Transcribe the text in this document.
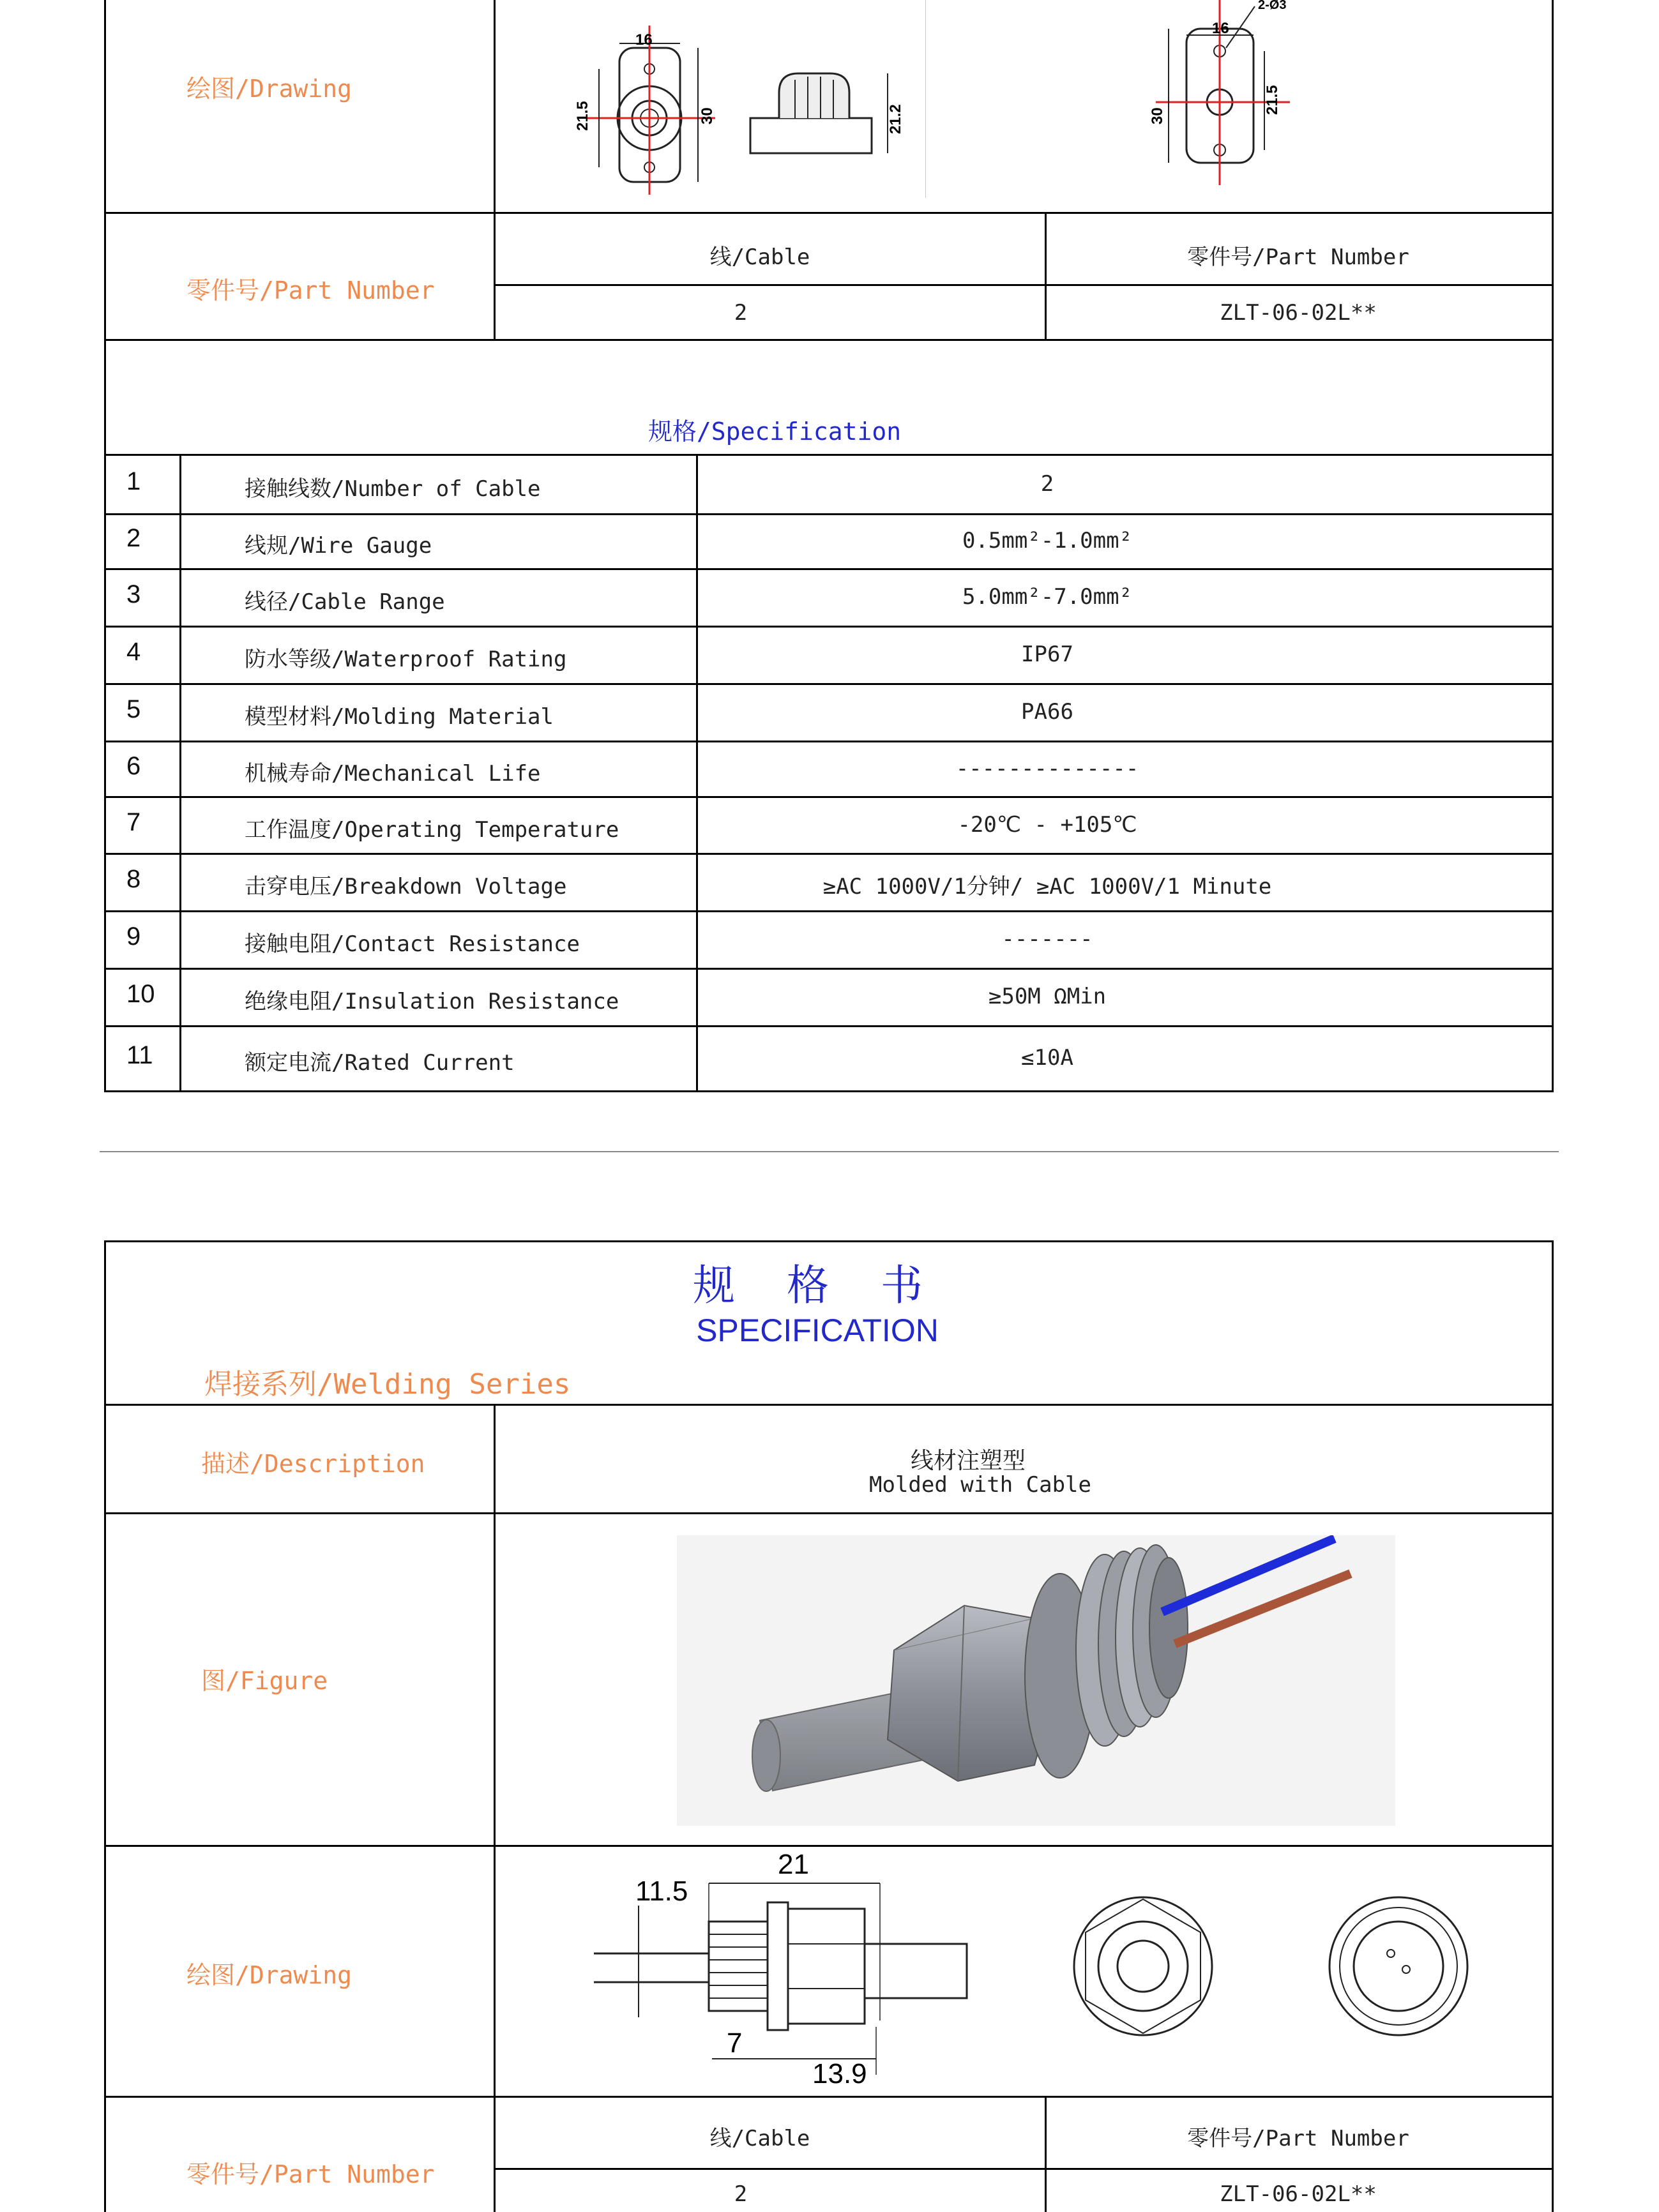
绘图/Drawing
16
21.5	30	21.2
16
2-Ø3
30
21.5
零件号/Part Number
线/Cable	零件号/Part Number
2	ZLT-06-02L**
规格/Specification
1	接触线数/Number of Cable	2
2	线规/Wire Gauge	0.5mm²-1.0mm²
3	线径/Cable Range	5.0mm²-7.0mm²
4	防水等级/Waterproof Rating	IP67
5	模型材料/Molding Material	PA66
6	机械寿命/Mechanical Life	--------------
7	工作温度/Operating Temperature	-20℃ - +105℃
8	击穿电压/Breakdown Voltage	≥AC 1000V/1分钟/ ≥AC 1000V/1 Minute
9	接触电阻/Contact Resistance	-------
10	绝缘电阻/Insulation Resistance	≥50M ΩMin
11	额定电流/Rated Current	≤10A
规 格 书
SPECIFICATION
焊接系列/Welding Series
描述/Description	线材注塑型
Molded with Cable
图/Figure
绘图/Drawing
21
11.5
7
13.9
零件号/Part Number
线/Cable	零件号/Part Number
2	ZLT-06-02L**
